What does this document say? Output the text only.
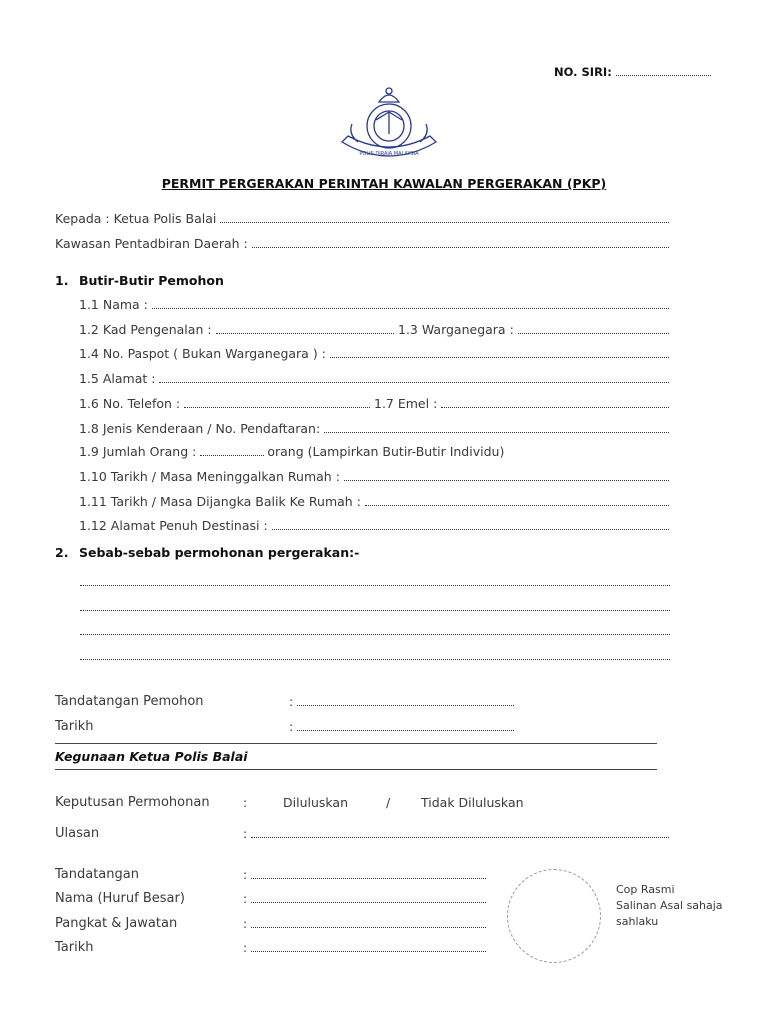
NO. SIRI:
POLIS DIRAJA MALAYSIA
PERMIT PERGERAKAN PERINTAH KAWALAN PERGERAKAN (PKP)
Kepada : Ketua Polis Balai
Kawasan Pentadbiran Daerah :
1. Butir-Butir Pemohon
1.1 Nama :
1.2 Kad Pengenalan :	1.3 Warganegara :
1.4 No. Paspot ( Bukan Warganegara ) :
1.5 Alamat :
1.6 No. Telefon :	1.7 Emel :
1.8 Jenis Kenderaan / No. Pendaftaran:
1.9 Jumlah Orang :	orang (Lampirkan Butir-Butir Individu)
1.10 Tarikh / Masa Meninggalkan Rumah :
1.11 Tarikh / Masa Dijangka Balik Ke Rumah :
1.12 Alamat Penuh Destinasi :
2. Sebab-sebab permohonan pergerakan:-
Tandatangan Pemohon	:
Tarikh	:
Kegunaan Ketua Polis Balai
Keputusan Permohonan	:	Diluluskan	/ Tidak Diluluskan
Ulasan	:
Tandatangan	:
Nama (Huruf Besar)	:
Pangkat & Jawatan	:
Tarikh	:
Cop Rasmi
Salinan Asal sahaja
sahlaku
